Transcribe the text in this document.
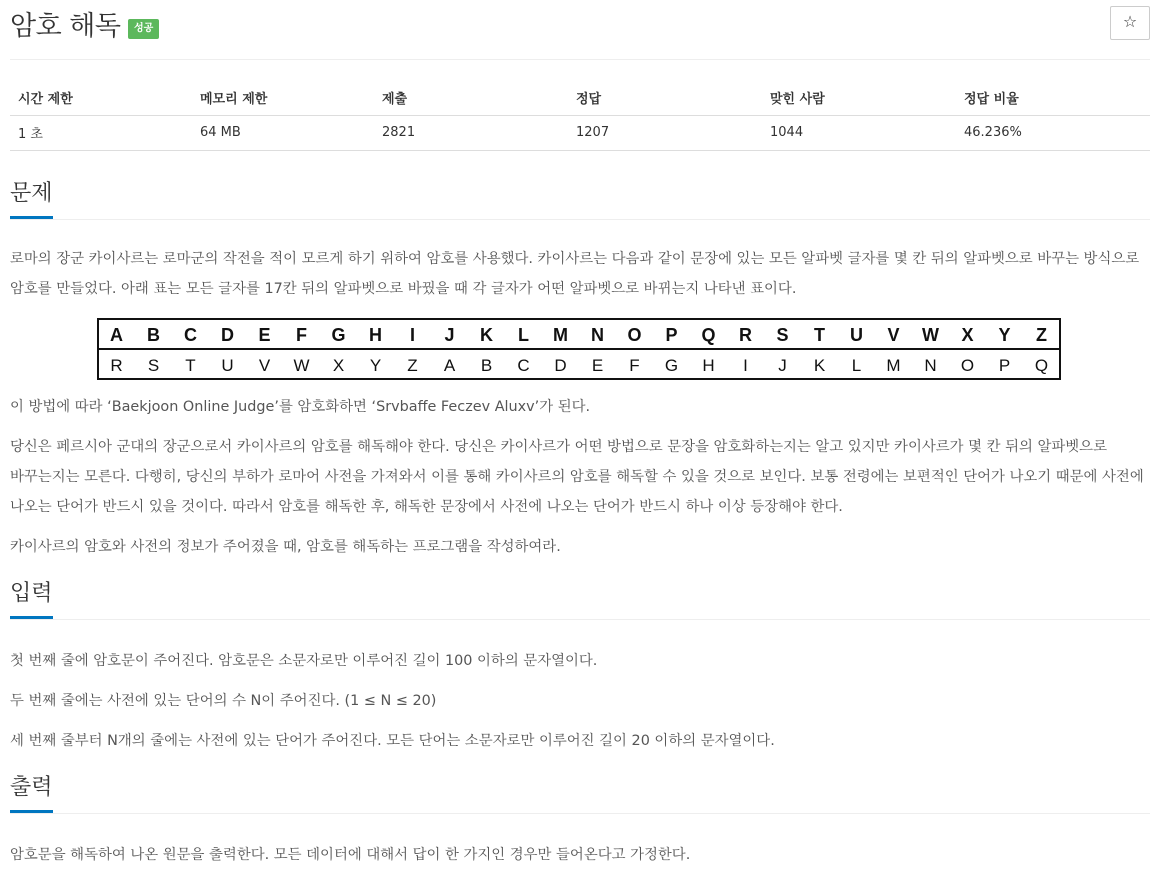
암호 해독	성공	☆
시간 제한	메모리 제한	제출	정답	맞힌 사람	정답 비율
1 초	64 MB	2821	1207	1044	46.236%
문제

로마의 장군 카이사르는 로마군의 작전을 적이 모르게 하기 위하여 암호를 사용했다. 카이사르는 다음과 같이 문장에 있는 모든 알파벳 글자를 몇 칸 뒤의 알파벳으로 바꾸는 방식으로 암호를 만들었다. 아래 표는 모든 글자를 17칸 뒤의 알파벳으로 바꿨을 때 각 글자가 어떤 알파벳으로 바뀌는지 나타낸 표이다.

A B C D E F G H I J K L M N O P Q R S T U V W X Y Z
R S T U V W X Y Z A B C D E F G H I J K L M N O P Q

이 방법에 따라 ‘Baekjoon Online Judge’를 암호화하면 ‘Srvbaffe Feczev Aluxv’가 된다.

당신은 페르시아 군대의 장군으로서 카이사르의 암호를 해독해야 한다. 당신은 카이사르가 어떤 방법으로 문장을 암호화하는지는 알고 있지만 카이사르가 몇 칸 뒤의 알파벳으로 바꾸는지는 모른다. 다행히, 당신의 부하가 로마어 사전을 가져와서 이를 통해 카이사르의 암호를 해독할 수 있을 것으로 보인다. 보통 전령에는 보편적인 단어가 나오기 때문에 사전에 나오는 단어가 반드시 있을 것이다. 따라서 암호를 해독한 후, 해독한 문장에서 사전에 나오는 단어가 반드시 하나 이상 등장해야 한다.

카이사르의 암호와 사전의 정보가 주어졌을 때, 암호를 해독하는 프로그램을 작성하여라.

입력

첫 번째 줄에 암호문이 주어진다. 암호문은 소문자로만 이루어진 길이 100 이하의 문자열이다.

두 번째 줄에는 사전에 있는 단어의 수 N이 주어진다. (1 ≤ N ≤ 20)

세 번째 줄부터 N개의 줄에는 사전에 있는 단어가 주어진다. 모든 단어는 소문자로만 이루어진 길이 20 이하의 문자열이다.

출력

암호문을 해독하여 나온 원문을 출력한다. 모든 데이터에 대해서 답이 한 가지인 경우만 들어온다고 가정한다.
